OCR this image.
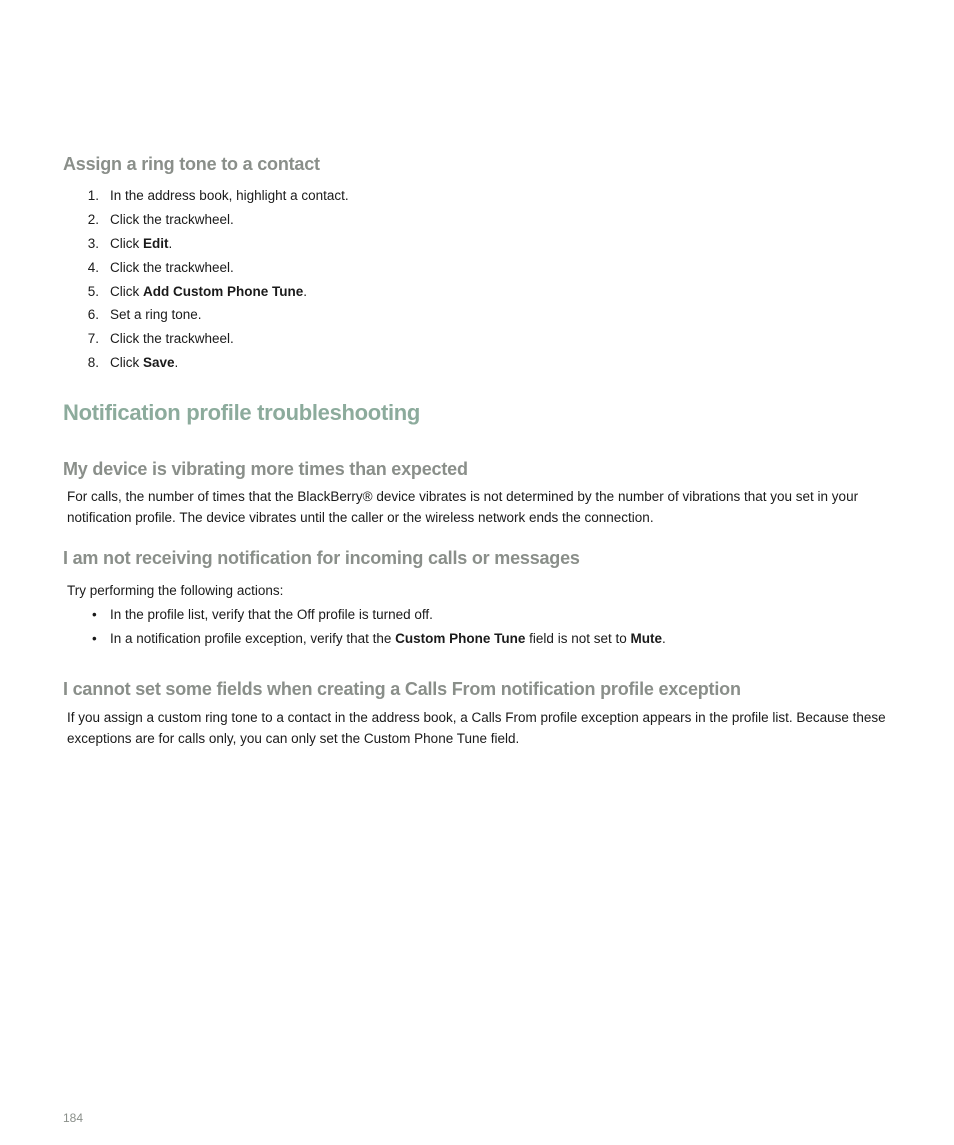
Assign a ring tone to a contact
1. In the address book, highlight a contact.
2. Click the trackwheel.
3. Click Edit.
4. Click the trackwheel.
5. Click Add Custom Phone Tune.
6. Set a ring tone.
7. Click the trackwheel.
8. Click Save.
Notification profile troubleshooting
My device is vibrating more times than expected

For calls, the number of times that the BlackBerry® device vibrates is not determined by the number of vibrations that you set in your notification profile. The device vibrates until the caller or the wireless network ends the connection.

I am not receiving notification for incoming calls or messages

Try performing the following actions:

• In the profile list, verify that the Off profile is turned off.
• In a notification profile exception, verify that the Custom Phone Tune field is not set to Mute.
I cannot set some fields when creating a Calls From notification profile exception

If you assign a custom ring tone to a contact in the address book, a Calls From profile exception appears in the profile list. Because these exceptions are for calls only, you can only set the Custom Phone Tune field.

184
